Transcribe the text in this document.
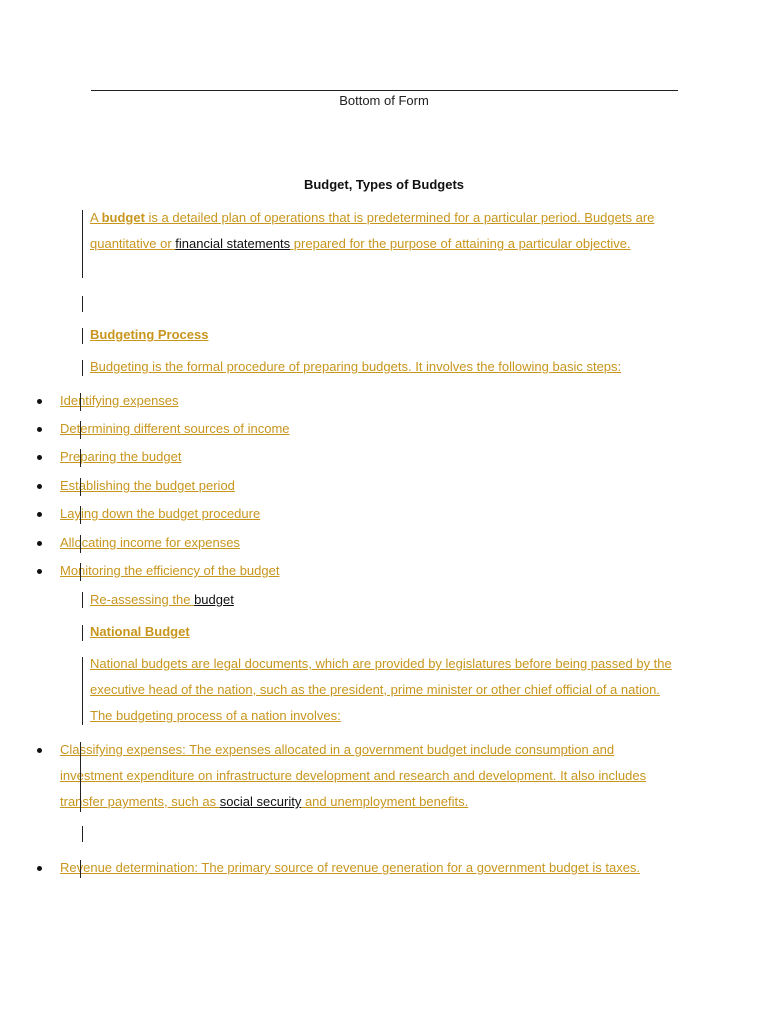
Bottom of Form
Budget, Types of Budgets
A budget is a detailed plan of operations that is predetermined for a particular period. Budgets are quantitative or financial statements prepared for the purpose of attaining a particular objective.
Budgeting Process
Budgeting is the formal procedure of preparing budgets. It involves the following basic steps:
Identifying expenses
Determining different sources of income
Preparing the budget
Establishing the budget period
Laying down the budget procedure
Allocating income for expenses
Monitoring the efficiency of the budget
Re-assessing the budget
National Budget
National budgets are legal documents, which are provided by legislatures before being passed by the executive head of the nation, such as the president, prime minister or other chief official of a nation. The budgeting process of a nation involves:
Classifying expenses: The expenses allocated in a government budget include consumption and investment expenditure on infrastructure development and research and development. It also includes transfer payments, such as social security and unemployment benefits.
Revenue determination: The primary source of revenue generation for a government budget is taxes.
